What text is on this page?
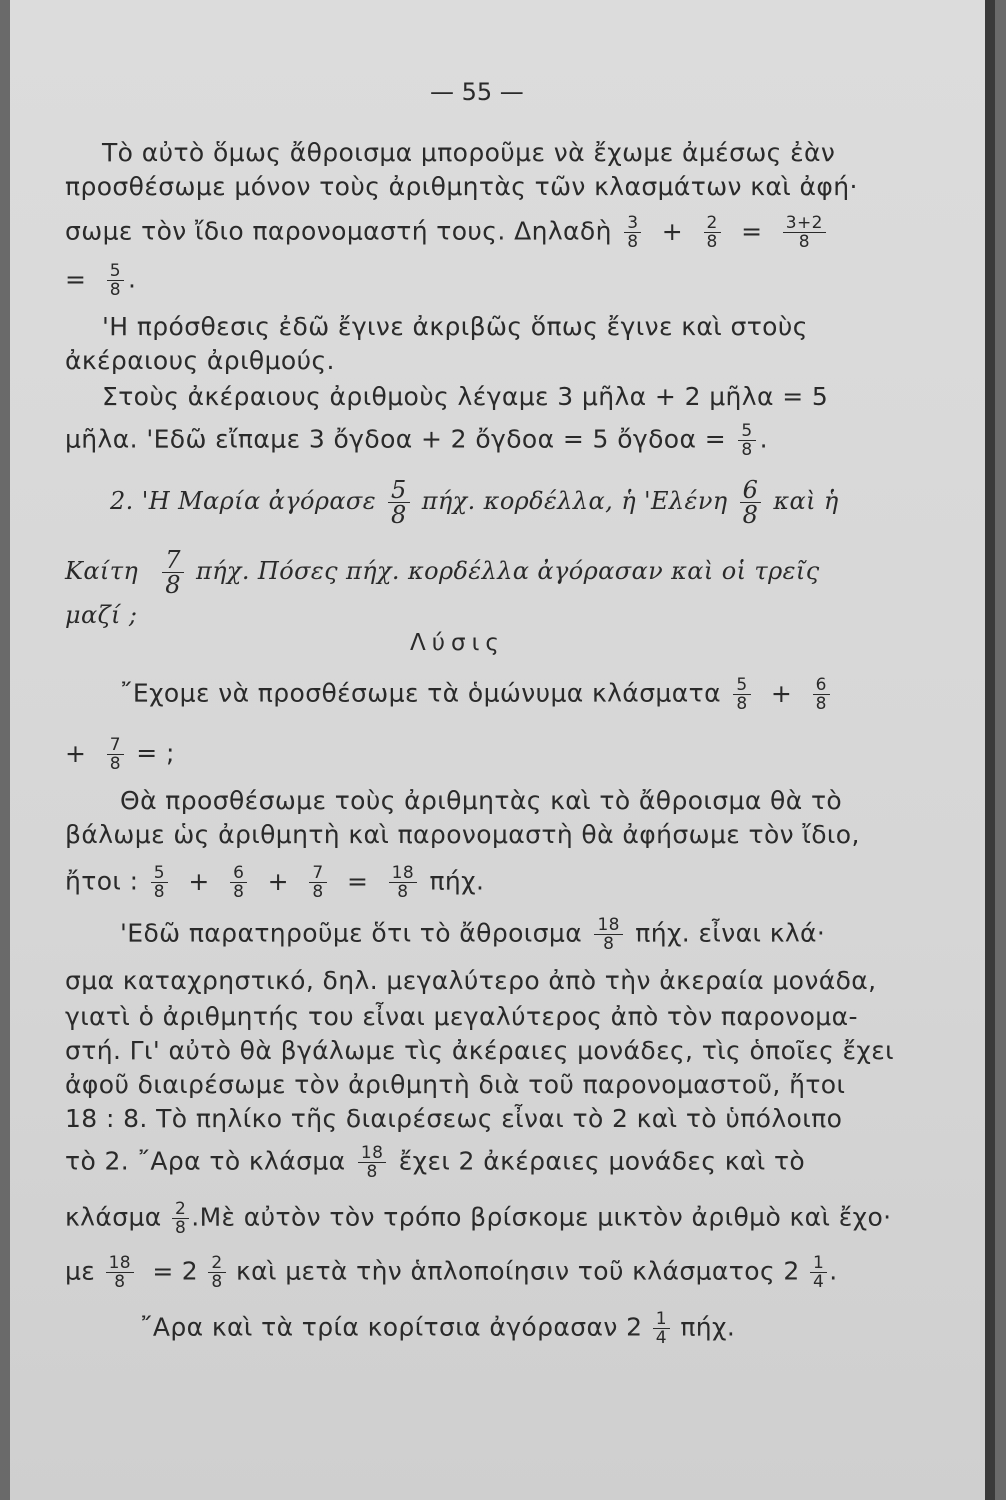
— 55 —
Τὸ αὐτὸ ὅμως ἄθροισμα μποροῦμε νὰ ἔχωμε ἀμέσως ἐὰν
προσθέσωμε μόνον τοὺς ἀριθμητὰς τῶν κλασμάτων καὶ ἀφή·
σωμε τὸν ἴδιο παρονομαστή τους. Δηλαδὴ $\frac{3}{8} + \frac{2}{8} = \frac{3+2}{8}$
= $\frac{5}{8}$ .
'Η πρόσθεσις ἐδῶ ἔγινε ἀκριβῶς ὅπως ἔγινε καὶ στοὺς
ἀκέραιους ἀριθμούς.
Στοὺς ἀκέραιους ἀριθμοὺς λέγαμε 3 μῆλα + 2 μῆλα = 5
μῆλα. 'Εδῶ εἴπαμε 3 ὄγδοα + 2 ὄγδοα = 5 ὄγδοα = $\frac{5}{8}$ .
2. 'Η Μαρία ἀγόρασε $\frac{5}{8} \pi ή\chi$. κορδέλλα, ἡ '$E\lambda έ\nu\eta \frac{6}{8}$ καὶ ἡ
Καίτη $\frac{7}{8} \pi ή\chi$. Πόσες πήχ. κορδέλλα ἀγόρασαν καὶ οἱ τρεῖς
μαζί ;
Λύσις
῎Εχομε νὰ προσθέσωμε τὰ ὁμώνυμα κλάσματα $\frac{5}{8} + \frac{6}{8}$
+ $\frac{7}{8}$ = ;
Θὰ προσθέσωμε τοὺς ἀριθμητὰς καὶ τὸ ἄθροισμα θὰ τὸ
βάλωμε ὡς ἀριθμητὴ καὶ παρονομαστὴ θὰ ἀφήσωμε τὸν ἴδιο,
ἤτοι : $\frac{5}{8} + \frac{6}{8} + \frac{7}{8} = \frac{18}{8} \pi ή\chi$.
'Εδῶ παρατηροῦμε ὅτι τὸ ἄθροισμα $\frac{18}{8} \pi ή\chi$. εἶναι κλά·
σμα καταχρηστικό, δηλ. μεγαλύτερο ἀπὸ τὴν ἀκεραία μονάδα,
γιατὶ ὁ ἀριθμητής του εἶναι μεγαλύτερος ἀπὸ τὸν παρονομα-
στή. Γι' αὐτὸ θὰ βγάλωμε τὶς ἀκέραιες μονάδες, τὶς ὁποῖες ἔχει
ἀφοῦ διαιρέσωμε τὸν ἀριθμητὴ διὰ τοῦ παρονομαστοῦ, ἤτοι
18 : 8. Τὸ πηλίκο τῆς διαιρέσεως εἶναι τὸ 2 καὶ τὸ ὑπόλοιπο
τὸ 2. ῎Αρα τὸ κλάσμα $\frac{18}{8}$ ἔχει 2 ἀκέραιες μονάδες καὶ τὸ
κλάσμα $\frac{2}{8}$ .Μὲ αὐτὸν τὸν τρόπο βρίσκομε μικτὸν ἀριθμὸ καὶ ἔχο·
με $\frac{18}{8} = 2 \frac{2}{8}$ καὶ μετὰ τὴν ἁπλοποίησιν τοῦ κλάσματος $2 \frac{1}{4}$ .
῎Αρα καὶ τὰ τρία κορίτσια ἀγόρασαν $2 \frac{1}{4} \pi ή\chi$.
